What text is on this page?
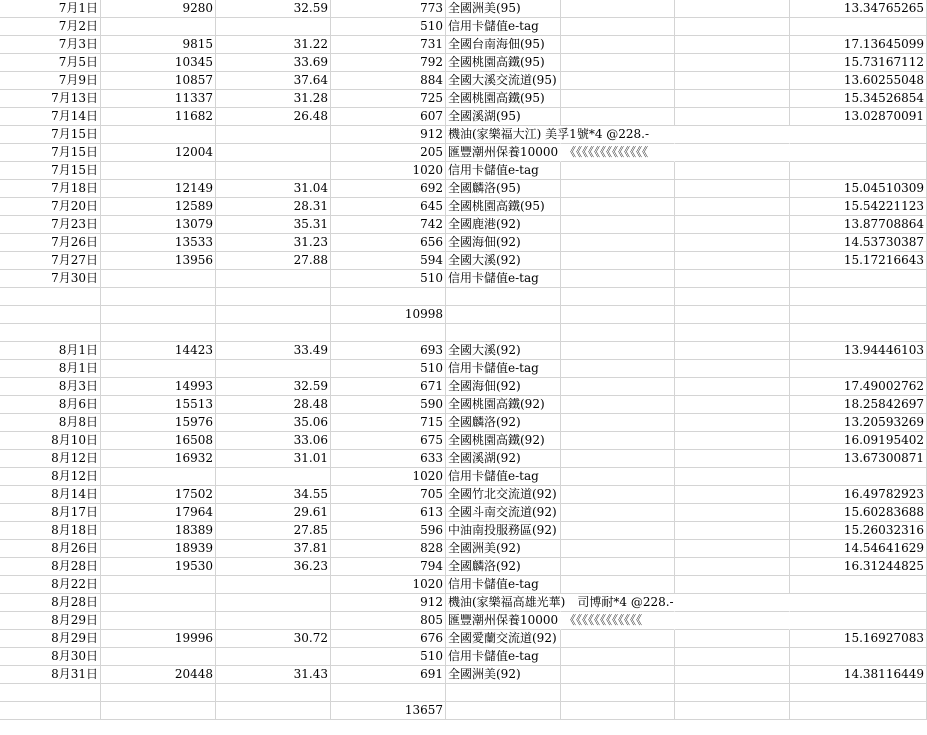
7月1日	9280	32.59	773 全國洲美(95)	13.34765265
7月2日	510 信用卡儲值e-tag
7月3日	9815	31.22	731 全國台南海佃(95)	17.13645099
7月5日	10345	33.69	792 全國桃園高鐵(95)	15.73167112
7月9日	10857	37.64	884 全國大溪交流道(95)	13.60255048
7月13日	11337	31.28	725 全國桃園高鐵(95)	15.34526854
7月14日	11682	26.48	607 全國溪湖(95)	13.02870091
7月15日	912 機油(家樂福大江) 美孚1號*4 @228.-
7月15日	12004	205 匯豐潮州保養10000　《《《《《《《《《《《《《
7月15日	1020 信用卡儲值e-tag
7月18日	12149	31.04	692 全國麟洛(95)	15.04510309
7月20日	12589	28.31	645 全國桃園高鐵(95)	15.54221123
7月23日	13079	35.31	742 全國鹿港(92)	13.87708864
7月26日	13533	31.23	656 全國海佃(92)	14.53730387
7月27日	13956	27.88	594 全國大溪(92)	15.17216643
7月30日	510 信用卡儲值e-tag
10998
8月1日	14423	33.49	693 全國大溪(92)	13.94446103
8月1日	510 信用卡儲值e-tag
8月3日	14993	32.59	671 全國海佃(92)	17.49002762
8月6日	15513	28.48	590 全國桃園高鐵(92)	18.25842697
8月8日	15976	35.06	715 全國麟洛(92)	13.20593269
8月10日	16508	33.06	675 全國桃園高鐵(92)	16.09195402
8月12日	16932	31.01	633 全國溪湖(92)	13.67300871
8月12日	1020 信用卡儲值e-tag
8月14日	17502	34.55	705 全國竹北交流道(92)	16.49782923
8月17日	17964	29.61	613 全國斗南交流道(92)	15.60283688
8月18日	18389	27.85	596 中油南投服務區(92)	15.26032316
8月26日	18939	37.81	828 全國洲美(92)	14.54641629
8月28日	19530	36.23	794 全國麟洛(92)	16.31244825
8月22日	1020 信用卡儲值e-tag
8月28日	912 機油(家樂福高雄光華)　司博耐*4 @228.-
8月29日	805 匯豐潮州保養10000　《《《《《《《《《《《《
8月29日	19996	30.72	676 全國愛蘭交流道(92)	15.16927083
8月30日	510 信用卡儲值e-tag
8月31日	20448	31.43	691 全國洲美(92)	14.38116449
13657
